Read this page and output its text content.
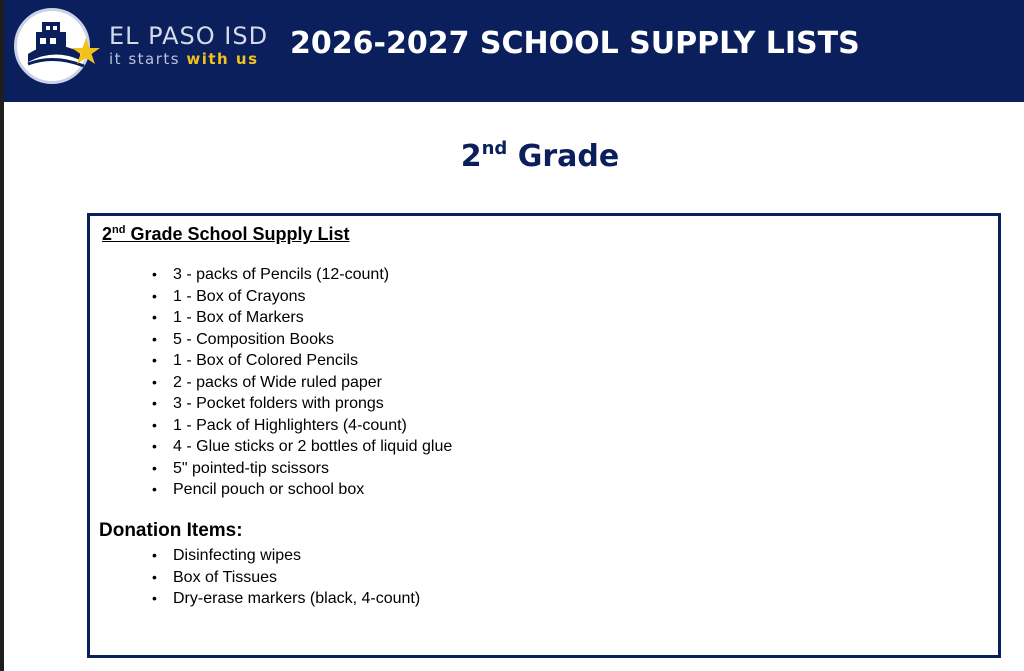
EL PASO ISD
it starts with us 2026-2027 SCHOOL SUPPLY LISTS
2nd Grade
2nd Grade School Supply List
• 3 - packs of Pencils (12-count)
• 1 - Box of Crayons
• 1 - Box of Markers
• 5 - Composition Books
• 1 - Box of Colored Pencils
• 2 - packs of Wide ruled paper
• 3 - Pocket folders with prongs
• 1 - Pack of Highlighters (4-count)
• 4 - Glue sticks or 2 bottles of liquid glue
• 5" pointed-tip scissors
• Pencil pouch or school box
Donation Items:
• Disinfecting wipes
• Box of Tissues
• Dry-erase markers (black, 4-count)
